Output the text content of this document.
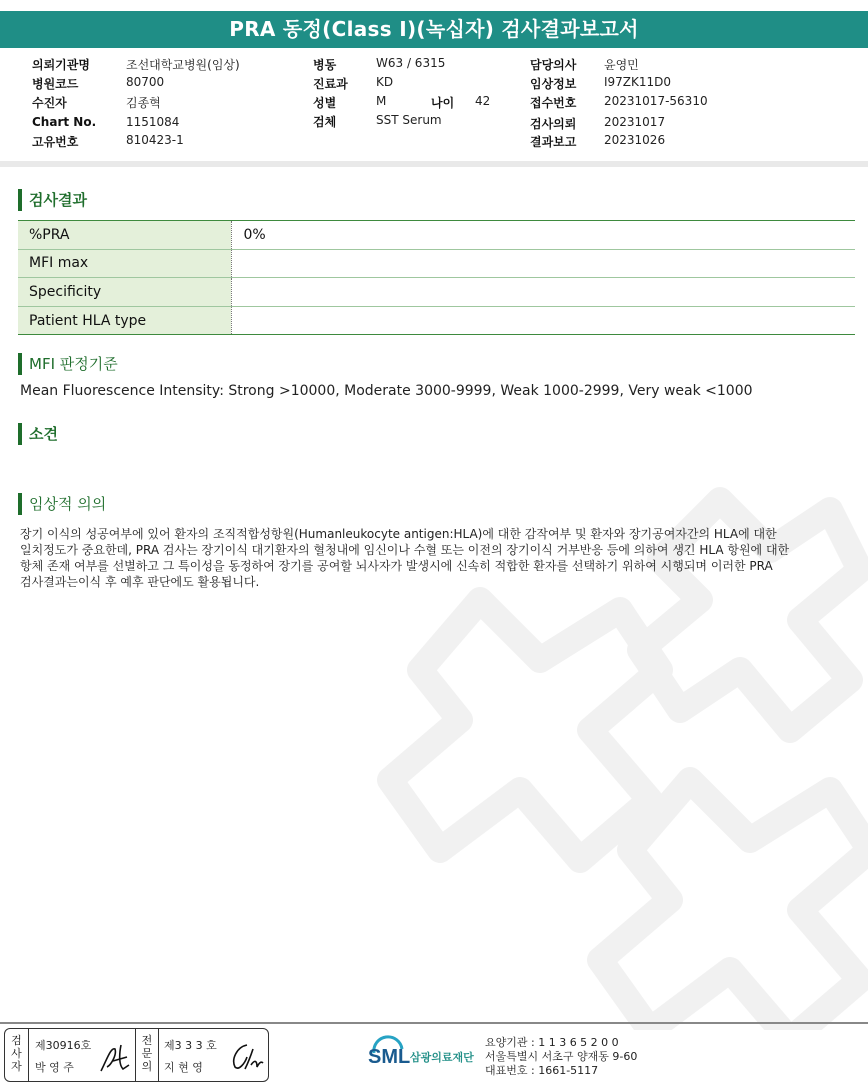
PRA 동정(Class I)(녹십자) 검사결과보고서
의뢰기관명	조선대학교병원(임상)
병원코드	80700
수진자	김종혁
Chart No. 1151084
고유번호	810423-1
병동	W63 / 6315
진료과 KD
성별	M	나이 42
검체	SST Serum
담당의사 윤영민
임상정보 I97ZK11D0
접수번호 20231017-56310
검사의뢰 20231017
결과보고 20231026
검사결과
%PRA	0%
MFI max	
Specificity	
Patient HLA type	
MFI 판정기준
Mean Fluorescence Intensity: Strong >10000, Moderate 3000-9999, Weak 1000-2999, Very weak <1000
소견
임상적 의의
장기 이식의 성공여부에 있어 환자의 조직적합성항원(Humanleukocyte antigen:HLA)에 대한 감작여부 및 환자와 장기공여자간의 HLA에 대한
일치정도가 중요한데, PRA 검사는 장기이식 대기환자의 혈청내에 임신이나 수혈 또는 이전의 장기이식 거부반응 등에 의하여 생긴 HLA 항원에 대한
항체 존재 여부를 선별하고 그 특이성을 동정하여 장기를 공여할 뇌사자가 발생시에 신속히 적합한 환자를 선택하기 위하여 시행되며 이러한 PRA
검사결과는이식 후 예후 판단에도 활용됩니다.
검사자
제30916호
박 영 주
전문의
제3 3 3 호
지 현 영	SML 삼광의료재단
요양기관 : 1 1 3 6 5 2 0 0
서울특별시 서초구 양재동 9-60
대표번호 : 1661-5117
